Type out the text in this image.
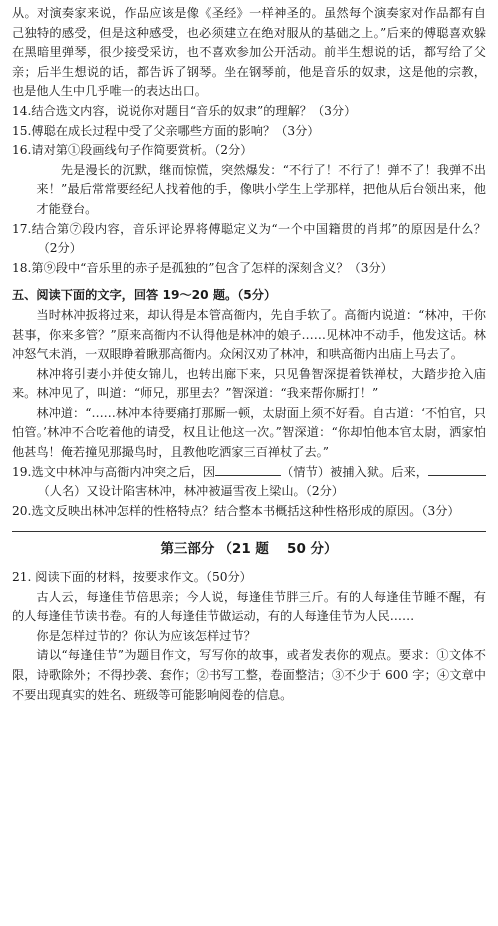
从。对演奏家来说，作品应该是像《圣经》一样神圣的。虽然每个演奏家对作品都有自己独特的感受，但是这种感受，也必须建立在绝对服从的基础之上。”后来的傅聪喜欢躲在黑暗里弹琴，很少接受采访，也不喜欢参加公开活动。前半生想说的话，都写给了父亲；后半生想说的话，都告诉了钢琴。坐在钢琴前，他是音乐的奴隶，这是他的宗教，也是他人生中几乎唯一的表达出口。

14.结合选文内容，说说你对题目“音乐的奴隶”的理解？（3分）

15.傅聪在成长过程中受了父亲哪些方面的影响？（3分）

16.请对第①段画线句子作简要赏析。（2分）

先是漫长的沉默，继而惊慌，突然爆发：“不行了！不行了！弹不了！我弹不出来！”最后常常要经纪人找着他的手，像哄小学生上学那样，把他从后台领出来，他才能登台。

17.结合第⑦段内容，音乐评论界将傅聪定义为“一个中国籍贯的肖邦”的原因是什么？（2分）

18.第⑨段中“音乐里的赤子是孤独的”包含了怎样的深刻含义？（3分）

五、阅读下面的文字，回答 19～20 题。（5分）

当时林冲扳将过来，却认得是本管高衙内，先自手软了。高衙内说道：“林冲，干你甚事，你来多管？”原来高衙内不认得他是林冲的娘子……见林冲不动手，他发这话。林冲怒气未消，一双眼睁着瞅那高衙内。众闲汉劝了林冲，和哄高衙内出庙上马去了。

林冲将引妻小并使女锦儿，也转出廊下来，只见鲁智深提着铁禅杖，大踏步抢入庙来。林冲见了，叫道：“师兄，那里去？”智深道：“我来帮你厮打！”

林冲道：“……林冲本待要痛打那厮一顿，太尉面上须不好看。自古道：‘不怕官，只怕管。’林冲不合吃着他的请受，权且让他这一次。”智深道：“你却怕他本官太尉，洒家怕他甚鸟！俺若撞见那撮鸟时，且教他吃洒家三百禅杖了去。”

19.选文中林冲与高衙内冲突之后，因	（情节）被捕入狱。后来，（人名）又设计陷害林冲，林冲被逼雪夜上梁山。（2分）

20.选文反映出林冲怎样的性格特点？结合整本书概括这种性格形成的原因。（3分）

第三部分 （21 题 50 分）

21. 阅读下面的材料，按要求作文。（50分）

古人云，每逢佳节倍思亲；今人说，每逢佳节胖三斤。有的人每逢佳节睡不醒，有的人每逢佳节读书卷。有的人每逢佳节做运动，有的人每逢佳节为人民……

你是怎样过节的？你认为应该怎样过节？

请以“每逢佳节”为题目作文，写写你的故事，或者发表你的观点。要求：①文体不限，诗歌除外；不得抄袭、套作；②书写工整，卷面整洁；③不少于 600 字；④文章中不要出现真实的姓名、班级等可能影响阅卷的信息。
